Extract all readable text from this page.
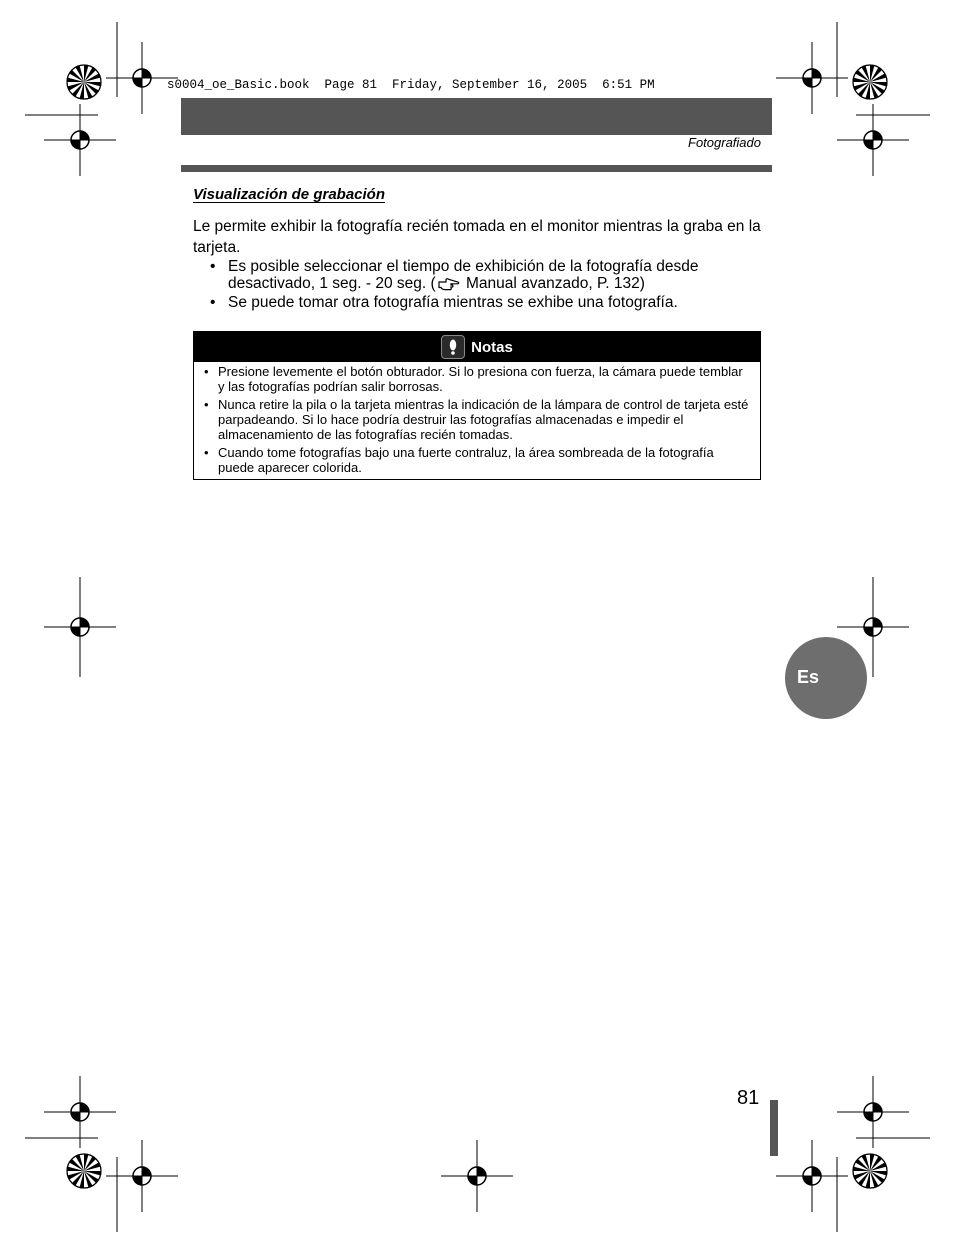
s0004_oe_Basic.book  Page 81  Friday, September 16, 2005  6:51 PM
Fotografiado
Visualización de grabación
Le permite exhibir la fotografía recién tomada en el monitor mientras la graba en la tarjeta.
• Es posible seleccionar el tiempo de exhibición de la fotografía desde desactivado, 1 seg. - 20 seg. ( Manual avanzado, P. 132)
• Se puede tomar otra fotografía mientras se exhibe una fotografía.
Notas
• Presione levemente el botón obturador. Si lo presiona con fuerza, la cámara puede temblar y las fotografías podrían salir borrosas.
• Nunca retire la pila o la tarjeta mientras la indicación de la lámpara de control de tarjeta esté parpadeando. Si lo hace podría destruir las fotografías almacenadas e impedir el almacenamiento de las fotografías recién tomadas.
• Cuando tome fotografías bajo una fuerte contraluz, la área sombreada de la fotografía puede aparecer colorida.
Es
81
